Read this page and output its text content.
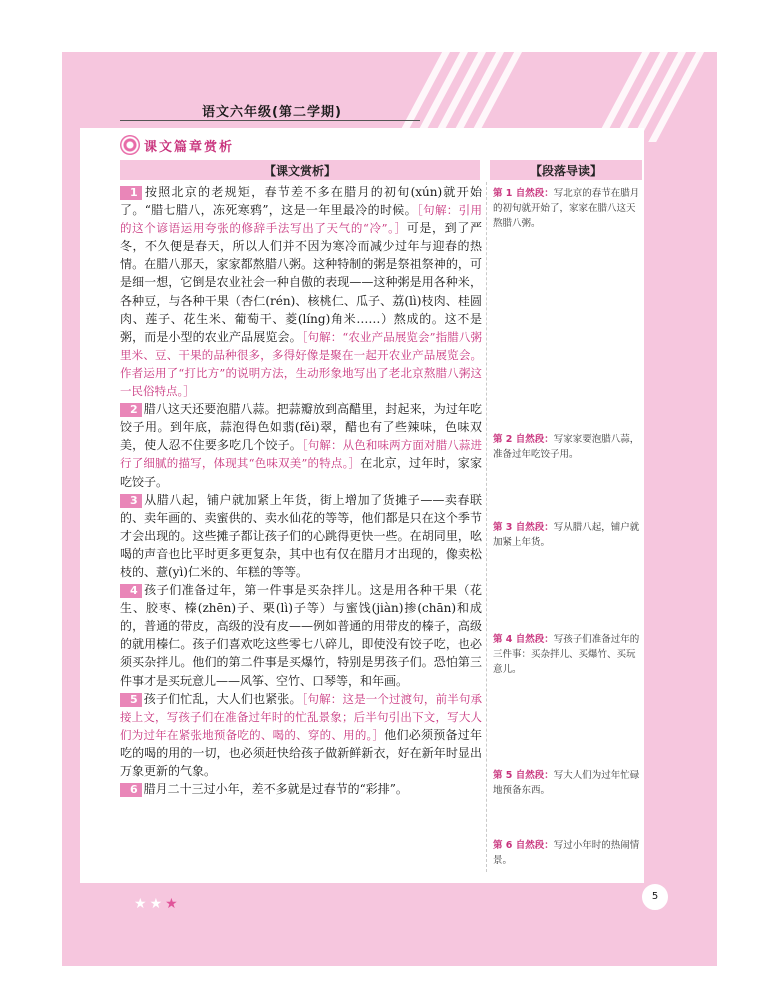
语文六年级(第二学期)
课文篇章赏析
【课文赏析】	【段落导读】

1 按照北京的老规矩，春节差不多在腊月的初旬(xún)就开始了。“腊七腊八，冻死寒鸦”，这是一年里最冷的时候。［句解：引用的这个谚语运用夸张的修辞手法写出了天气的“冷”。］可是，到了严冬，不久便是春天，所以人们并不因为寒冷而减少过年与迎春的热情。在腊八那天，家家都熬腊八粥。这种特制的粥是祭祖祭神的，可是细一想，它倒是农业社会一种自傲的表现——这种粥是用各种米，各种豆，与各种干果（杏仁(rén)、核桃仁、瓜子、荔(lì)枝肉、桂圆肉、莲子、花生米、葡萄干、菱(líng)角米……）熬成的。这不是粥，而是小型的农业产品展览会。［句解：“农业产品展览会”指腊八粥里米、豆、干果的品种很多，多得好像是聚在一起开农业产品展览会。作者运用了“打比方”的说明方法，生动形象地写出了老北京熬腊八粥这一民俗特点。］

2 腊八这天还要泡腊八蒜。把蒜瓣放到高醋里，封起来，为过年吃饺子用。到年底，蒜泡得色如翡(fěi)翠，醋也有了些辣味，色味双美，使人忍不住要多吃几个饺子。［句解：从色和味两方面对腊八蒜进行了细腻的描写，体现其“色味双美”的特点。］在北京，过年时，家家吃饺子。

3 从腊八起，铺户就加紧上年货，街上增加了货摊子——卖春联的、卖年画的、卖蜜供的、卖水仙花的等等，他们都是只在这个季节才会出现的。这些摊子都让孩子们的心跳得更快一些。在胡同里，吆喝的声音也比平时更多更复杂，其中也有仅在腊月才出现的，像卖松枝的、薏(yì)仁米的、年糕的等等。

4 孩子们准备过年，第一件事是买杂拌儿。这是用各种干果（花生、胶枣、榛(zhēn)子、栗(lì)子等）与蜜饯(jiàn)掺(chān)和成的，普通的带皮，高级的没有皮——例如普通的用带皮的榛子，高级的就用榛仁。孩子们喜欢吃这些零七八碎儿，即使没有饺子吃，也必须买杂拌儿。他们的第二件事是买爆竹，特别是男孩子们。恐怕第三件事才是买玩意儿——风筝、空竹、口琴等，和年画。

5 孩子们忙乱，大人们也紧张。［句解：这是一个过渡句，前半句承接上文，写孩子们在准备过年时的忙乱景象；后半句引出下文，写大人们为过年在紧张地预备吃的、喝的、穿的、用的。］他们必须预备过年吃的喝的用的一切，也必须赶快给孩子做新鲜新衣，好在新年时显出万象更新的气象。

6 腊月二十三过小年，差不多就是过春节的“彩排”。

第 1 自然段：写北京的春节在腊月的初旬就开始了，家家在腊八这天熬腊八粥。
第 2 自然段：写家家要泡腊八蒜，准备过年吃饺子用。
第 3 自然段：写从腊八起，铺户就加紧上年货。
第 4 自然段：写孩子们准备过年的三件事：买杂拌儿、买爆竹、买玩意儿。
第 5 自然段：写大人们为过年忙碌地预备东西。
第 6 自然段：写过小年时的热闹情景。
★★★	5
